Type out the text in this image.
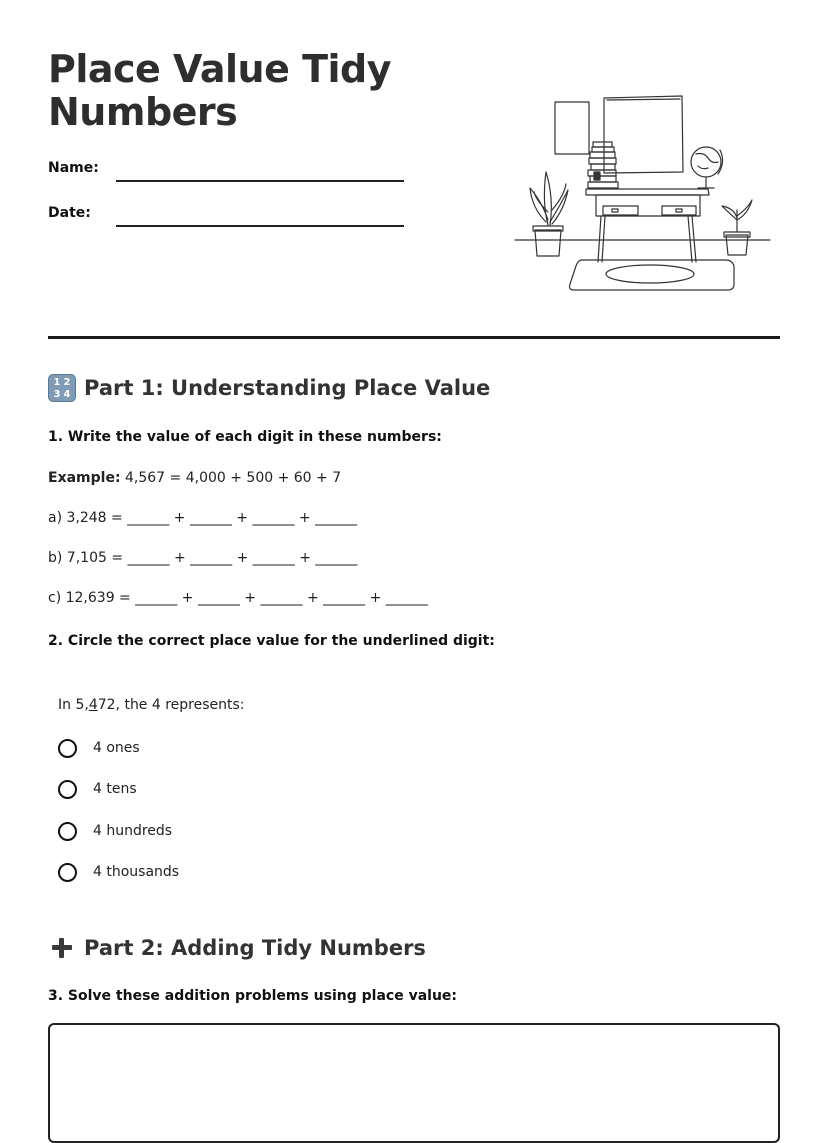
Place Value Tidy Numbers
Name:
Date:
1 2
3 4 Part 1: Understanding Place Value
1. Write the value of each digit in these numbers:
Example: 4,567 = 4,000 + 500 + 60 + 7
a) 3,248 = ______ + ______ + ______ + ______
b) 7,105 = ______ + ______ + ______ + ______
c) 12,639 = ______ + ______ + ______ + ______ + ______
2. Circle the correct place value for the underlined digit:
In 5,472, the 4 represents:
4 ones
4 tens
4 hundreds
4 thousands
Part 2: Adding Tidy Numbers
3. Solve these addition problems using place value:
